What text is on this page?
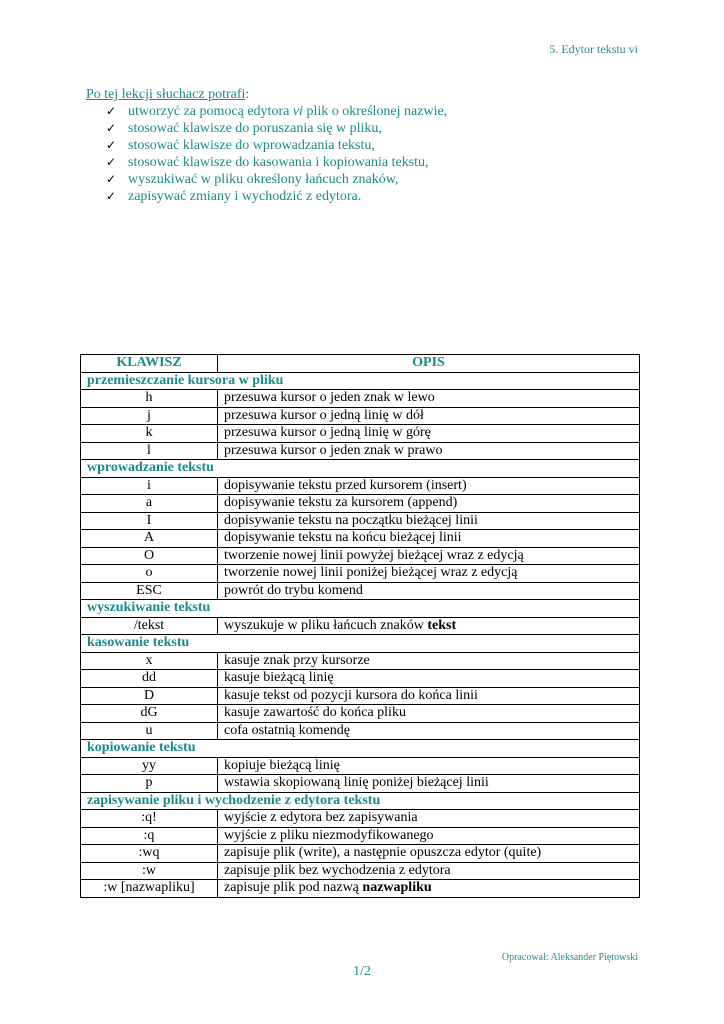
5. Edytor tekstu vi
Po tej lekcji słuchacz potrafi:
✓ utworzyć za pomocą edytora vi plik o określonej nazwie,
✓ stosować klawisze do poruszania się w pliku,
✓ stosować klawisze do wprowadzania tekstu,
✓ stosować klawisze do kasowania i kopiowania tekstu,
✓ wyszukiwać w pliku określony łańcuch znaków,
✓ zapisywać zmiany i wychodzić z edytora.
KLAWISZ	OPIS
przemieszczanie kursora w pliku	
h	przesuwa kursor o jeden znak w lewo
j	przesuwa kursor o jedną linię w dół
k	przesuwa kursor o jedną linię w górę
l	przesuwa kursor o jeden znak w prawo
wprowadzanie tekstu	
i	dopisywanie tekstu przed kursorem (insert)
a	dopisywanie tekstu za kursorem (append)
I	dopisywanie tekstu na początku bieżącej linii
A	dopisywanie tekstu na końcu bieżącej linii
O	tworzenie nowej linii powyżej bieżącej wraz z edycją
o	tworzenie nowej linii poniżej bieżącej wraz z edycją
ESC	powrót do trybu komend
wyszukiwanie tekstu	
/tekst	wyszukuje w pliku łańcuch znaków tekst
kasowanie tekstu	
x	kasuje znak przy kursorze
dd	kasuje bieżącą linię
D	kasuje tekst od pozycji kursora do końca linii
dG	kasuje zawartość do końca pliku
u	cofa ostatnią komendę
kopiowanie tekstu	
yy	kopiuje bieżącą linię
p	wstawia skopiowaną linię poniżej bieżącej linii
zapisywanie pliku i wychodzenie z edytora tekstu	
:q!	wyjście z edytora bez zapisywania
:q	wyjście z pliku niezmodyfikowanego
:wq	zapisuje plik (write), a następnie opuszcza edytor (quite)
:w	zapisuje plik bez wychodzenia z edytora
:w [nazwapliku]	zapisuje plik pod nazwą nazwapliku
Opracował: Aleksander Piętowski
1/2
